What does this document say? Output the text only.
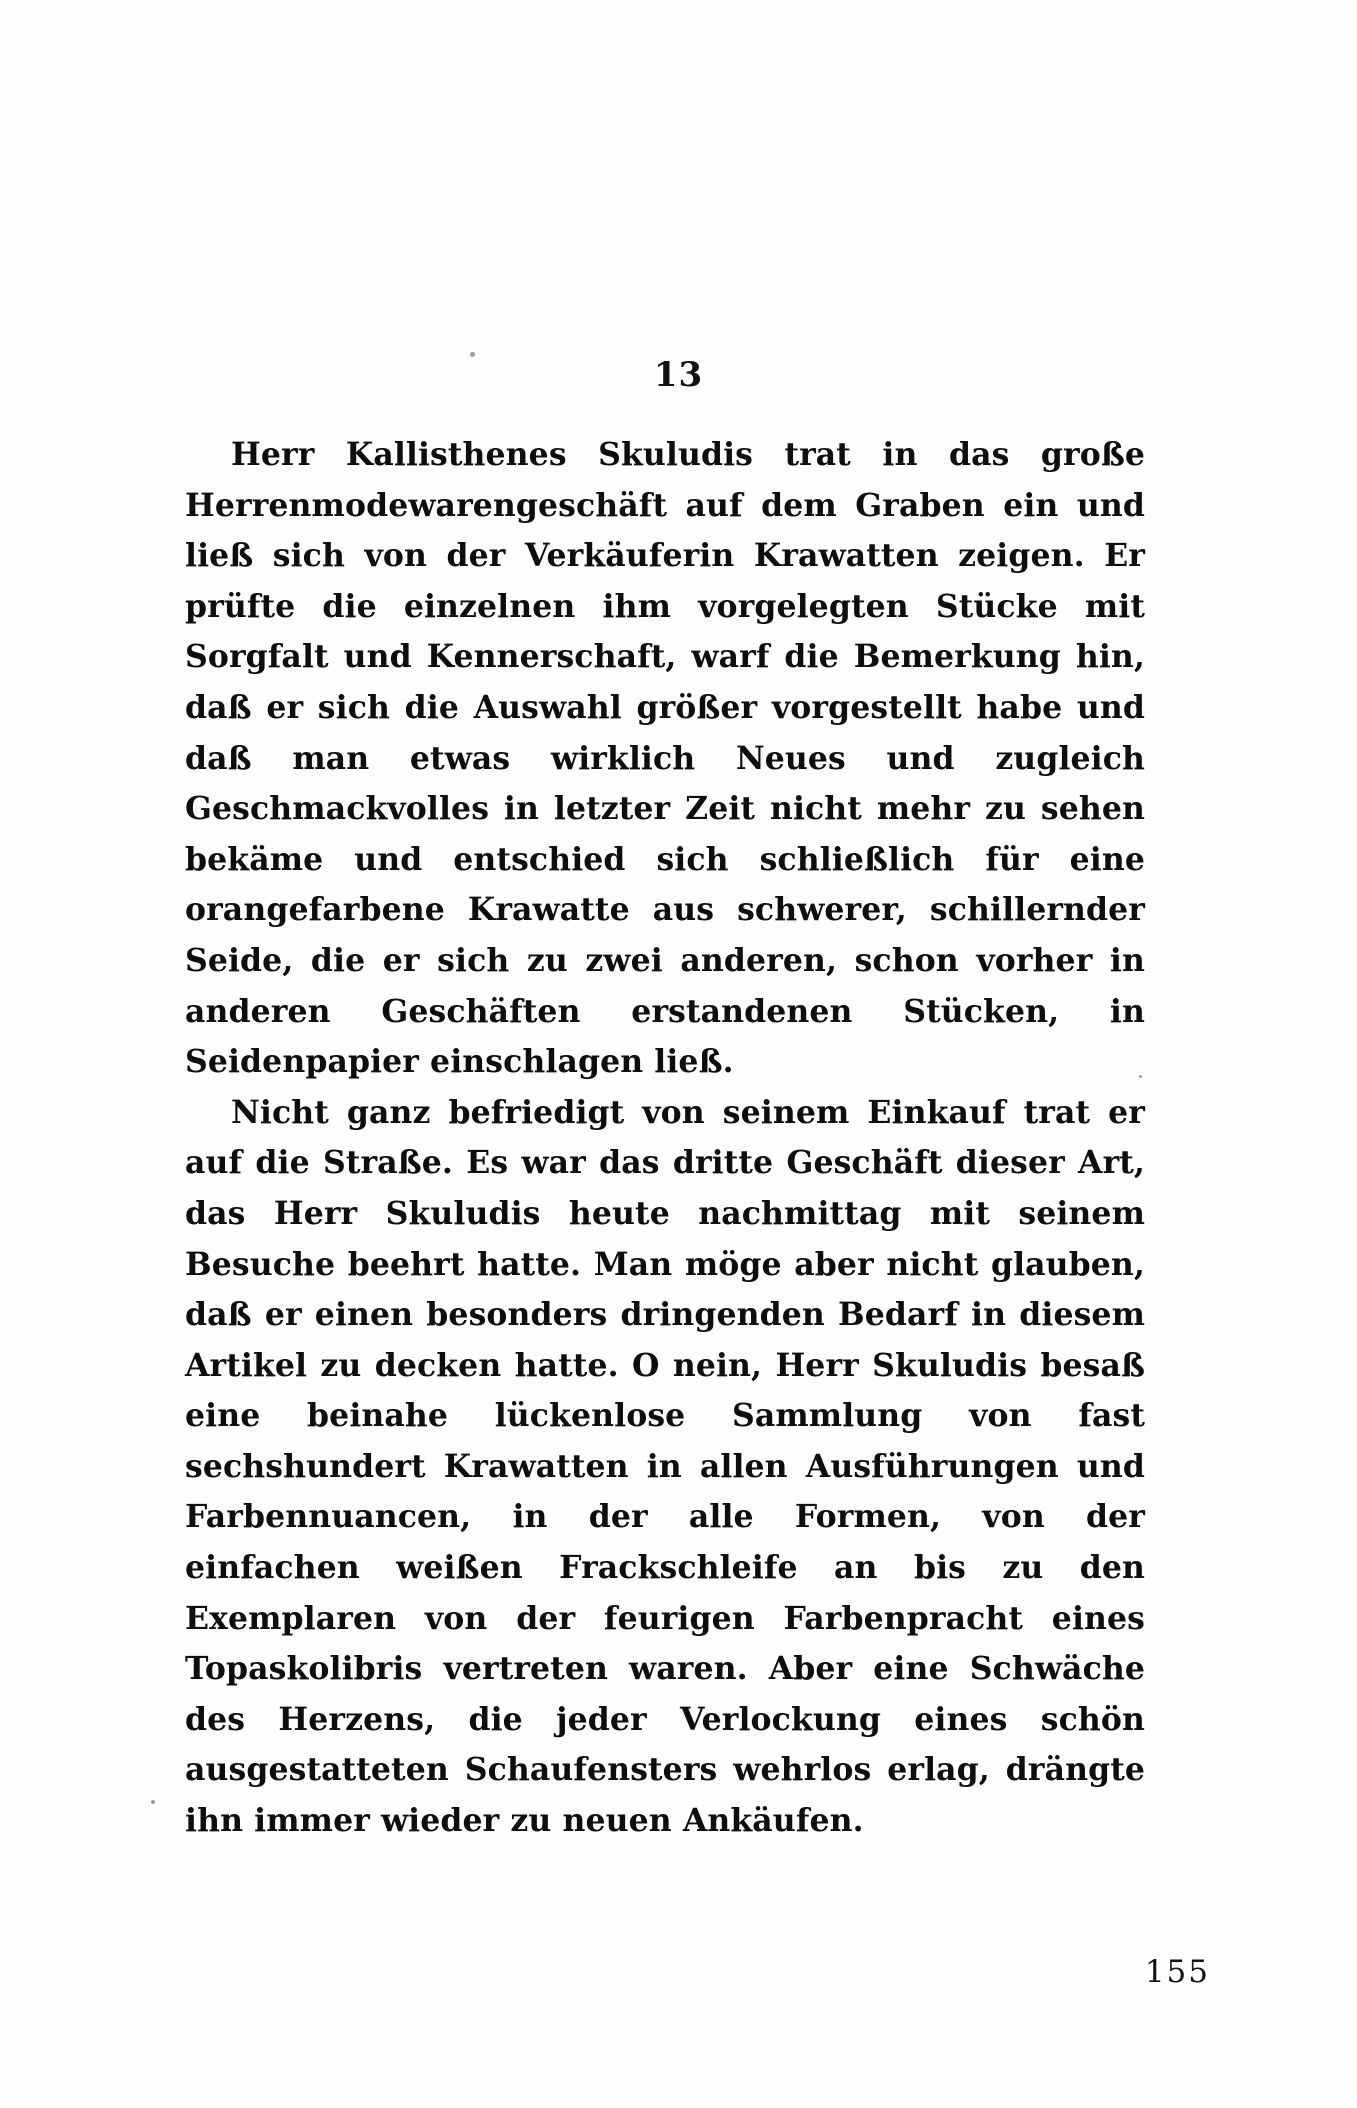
13

Herr Kallisthenes Skuludis trat in das große Herrenmodewarengeschäft auf dem Graben ein und ließ sich von der Verkäuferin Krawatten zeigen. Er prüfte die einzelnen ihm vorgelegten Stücke mit Sorgfalt und Kennerschaft, warf die Bemerkung hin, daß er sich die Auswahl größer vorgestellt habe und daß man etwas wirklich Neues und zugleich Geschmackvolles in letzter Zeit nicht mehr zu sehen bekäme und entschied sich schließlich für eine orangefarbene Krawatte aus schwerer, schillernder Seide, die er sich zu zwei anderen, schon vorher in anderen Geschäften erstandenen Stücken, in Seidenpapier einschlagen ließ.

Nicht ganz befriedigt von seinem Einkauf trat er auf die Straße. Es war das dritte Geschäft dieser Art, das Herr Skuludis heute nachmittag mit seinem Besuche beehrt hatte. Man möge aber nicht glauben, daß er einen besonders dringenden Bedarf in diesem Artikel zu decken hatte. O nein, Herr Skuludis besaß eine beinahe lückenlose Sammlung von fast sechshundert Krawatten in allen Ausführungen und Farbennuancen, in der alle Formen, von der einfachen weißen Frackschleife an bis zu den Exemplaren von der feurigen Farbenpracht eines Topaskolibris vertreten waren. Aber eine Schwäche des Herzens, die jeder Verlockung eines schön ausgestatteten Schaufensters wehrlos erlag, drängte ihn immer wieder zu neuen Ankäufen.

155
